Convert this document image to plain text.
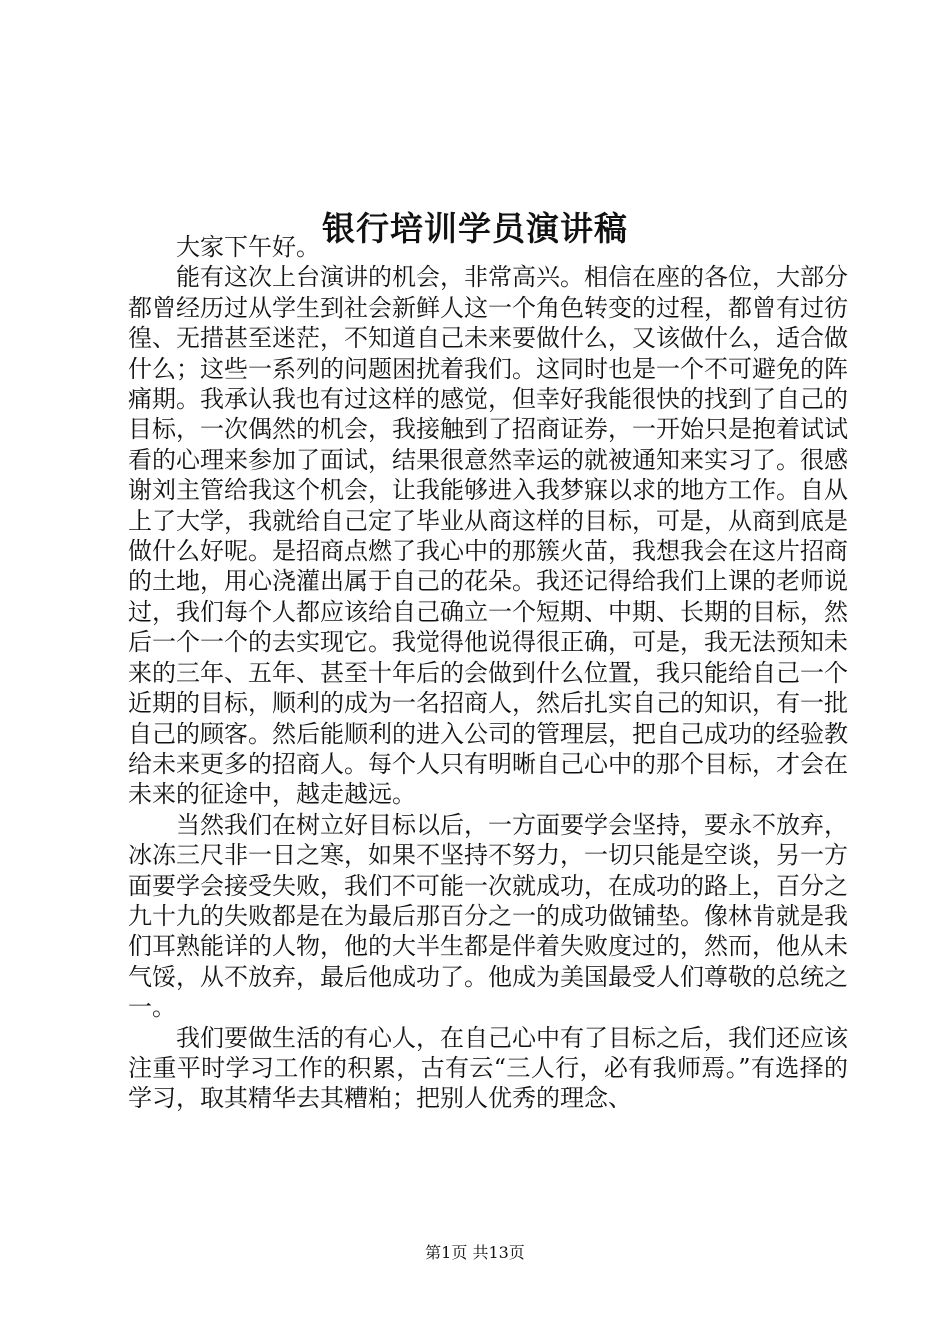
银行培训学员演讲稿

大家下午好。

能有这次上台演讲的机会，非常高兴。相信在座的各位，大部分都曾经历过从学生到社会新鲜人这一个角色转变的过程，都曾有过彷徨、无措甚至迷茫，不知道自己未来要做什么，又该做什么，适合做什么；这些一系列的问题困扰着我们。这同时也是一个不可避免的阵痛期。我承认我也有过这样的感觉，但幸好我能很快的找到了自己的目标，一次偶然的机会，我接触到了招商证券，一开始只是抱着试试看的心理来参加了面试，结果很意然幸运的就被通知来实习了。很感谢刘主管给我这个机会，让我能够进入我梦寐以求的地方工作。自从上了大学，我就给自己定了毕业从商这样的目标，可是，从商到底是做什么好呢。是招商点燃了我心中的那簇火苗，我想我会在这片招商的土地，用心浇灌出属于自己的花朵。我还记得给我们上课的老师说过，我们每个人都应该给自己确立一个短期、中期、长期的目标，然后一个一个的去实现它。我觉得他说得很正确，可是，我无法预知未来的三年、五年、甚至十年后的会做到什么位置，我只能给自己一个近期的目标，顺利的成为一名招商人，然后扎实自己的知识，有一批自己的顾客。然后能顺利的进入公司的管理层，把自己成功的经验教给未来更多的招商人。每个人只有明晰自己心中的那个目标，才会在未来的征途中，越走越远。

当然我们在树立好目标以后，一方面要学会坚持，要永不放弃，冰冻三尺非一日之寒，如果不坚持不努力，一切只能是空谈，另一方面要学会接受失败，我们不可能一次就成功，在成功的路上，百分之九十九的失败都是在为最后那百分之一的成功做铺垫。像林肯就是我们耳熟能详的人物，他的大半生都是伴着失败度过的，然而，他从未气馁，从不放弃，最后他成功了。他成为美国最受人们尊敬的总统之一。

我们要做生活的有心人，在自己心中有了目标之后，我们还应该注重平时学习工作的积累，古有云“三人行，必有我师焉。”有选择的学习，取其精华去其糟粕；把别人优秀的理念、

第1页 共13页
